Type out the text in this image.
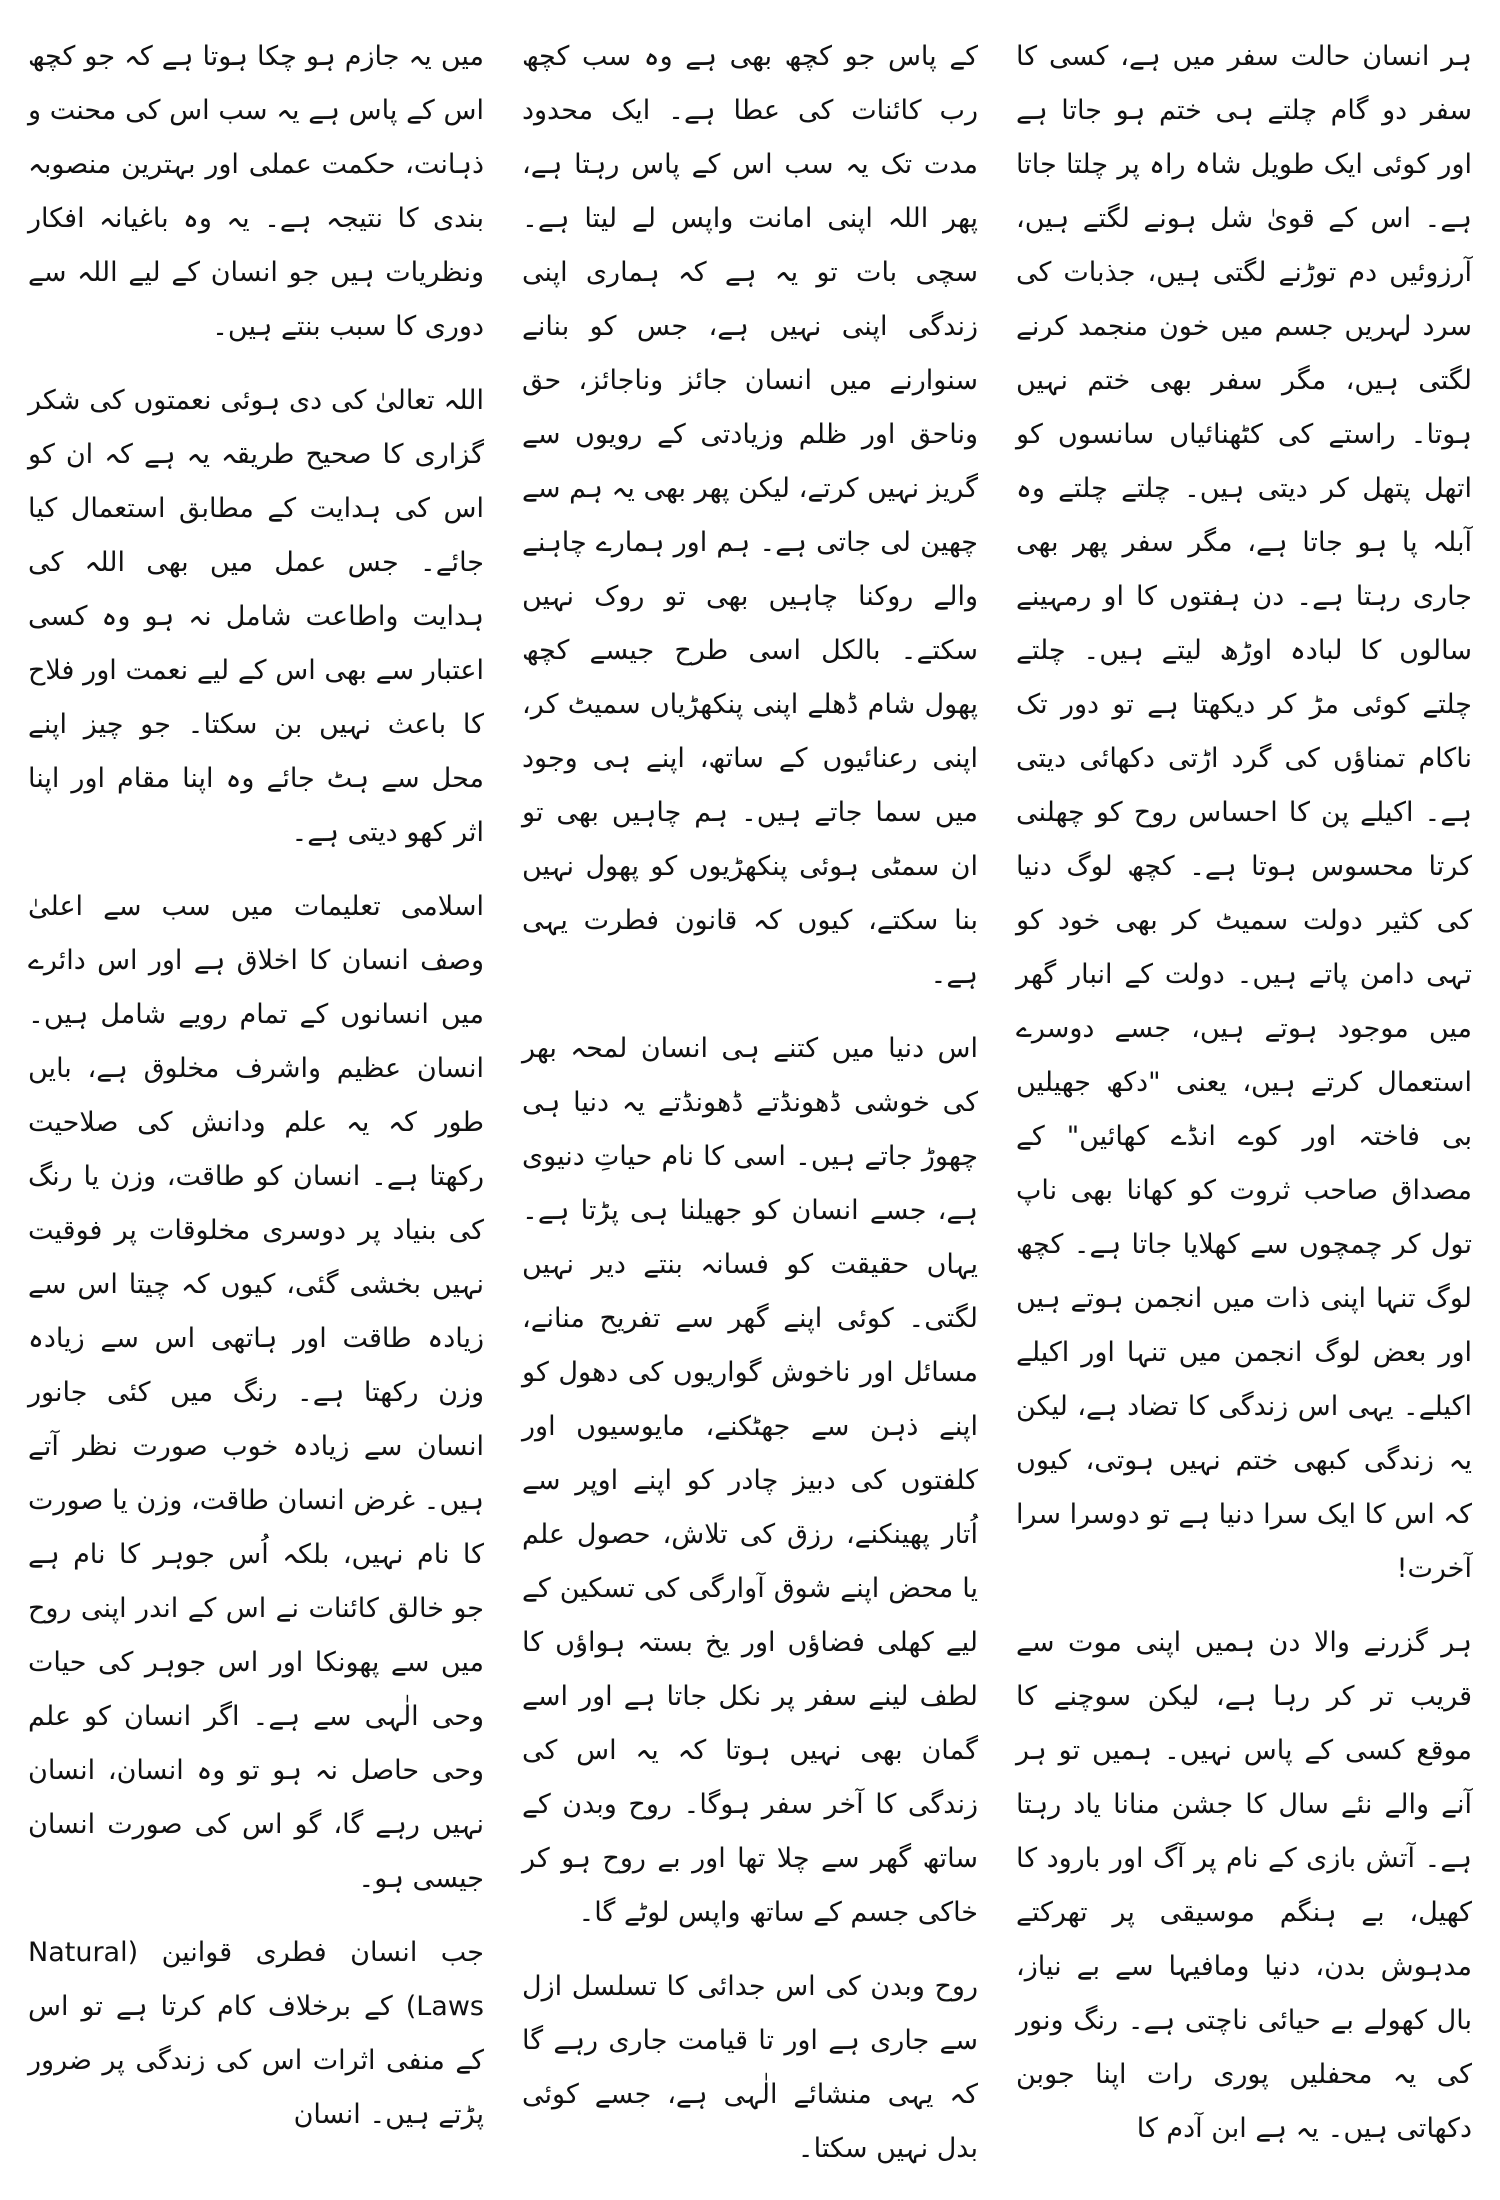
میں یہ جازم ہو چکا ہوتا ہے کہ جو کچھ اس کے پاس ہے یہ سب اس کی محنت و ذہانت، حکمت عملی اور بہترین منصوبہ بندی کا نتیجہ ہے۔ یہ وہ باغیانہ افکار ونظریات ہیں جو انسان کے لیے اللہ سے دوری کا سبب بنتے ہیں۔

اللہ تعالیٰ کی دی ہوئی نعمتوں کی شکر گزاری کا صحیح طریقہ یہ ہے کہ ان کو اس کی ہدایت کے مطابق استعمال کیا جائے۔ جس عمل میں بھی اللہ کی ہدایت واطاعت شامل نہ ہو وہ کسی اعتبار سے بھی اس کے لیے نعمت اور فلاح کا باعث نہیں بن سکتا۔ جو چیز اپنے محل سے ہٹ جائے وہ اپنا مقام اور اپنا اثر کھو دیتی ہے۔

اسلامی تعلیمات میں سب سے اعلیٰ وصف انسان کا اخلاق ہے اور اس دائرے میں انسانوں کے تمام رویے شامل ہیں۔ انسان عظیم واشرف مخلوق ہے، بایں طور کہ یہ علم ودانش کی صلاحیت رکھتا ہے۔ انسان کو طاقت، وزن یا رنگ کی بنیاد پر دوسری مخلوقات پر فوقیت نہیں بخشی گئی، کیوں کہ چیتا اس سے زیادہ طاقت اور ہاتھی اس سے زیادہ وزن رکھتا ہے۔ رنگ میں کئی جانور انسان سے زیادہ خوب صورت نظر آتے ہیں۔ غرض انسان طاقت، وزن یا صورت کا نام نہیں، بلکہ اُس جوہر کا نام ہے جو خالق کائنات نے اس کے اندر اپنی روح میں سے پھونکا اور اس جوہر کی حیات وحی الٰہی سے ہے۔ اگر انسان کو علم وحی حاصل نہ ہو تو وہ انسان، انسان نہیں رہے گا، گو اس کی صورت انسان جیسی ہو۔

جب انسان فطری قوانین (Natural Laws) کے برخلاف کام کرتا ہے تو اس کے منفی اثرات اس کی زندگی پر ضرور پڑتے ہیں۔ انسان

کے پاس جو کچھ بھی ہے وہ سب کچھ رب کائنات کی عطا ہے۔ ایک محدود مدت تک یہ سب اس کے پاس رہتا ہے، پھر اللہ اپنی امانت واپس لے لیتا ہے۔ سچی بات تو یہ ہے کہ ہماری اپنی زندگی اپنی نہیں ہے، جس کو بنانے سنوارنے میں انسان جائز وناجائز، حق وناحق اور ظلم وزیادتی کے رویوں سے گریز نہیں کرتے، لیکن پھر بھی یہ ہم سے چھین لی جاتی ہے۔ ہم اور ہمارے چاہنے والے روکنا چاہیں بھی تو روک نہیں سکتے۔ بالکل اسی طرح جیسے کچھ پھول شام ڈھلے اپنی پنکھڑیاں سمیٹ کر، اپنی رعنائیوں کے ساتھ، اپنے ہی وجود میں سما جاتے ہیں۔ ہم چاہیں بھی تو ان سمٹی ہوئی پنکھڑیوں کو پھول نہیں بنا سکتے، کیوں کہ قانون فطرت یہی ہے۔

اس دنیا میں کتنے ہی انسان لمحہ بھر کی خوشی ڈھونڈتے ڈھونڈتے یہ دنیا ہی چھوڑ جاتے ہیں۔ اسی کا نام حیاتِ دنیوی ہے، جسے انسان کو جھیلنا ہی پڑتا ہے۔ یہاں حقیقت کو فسانہ بنتے دیر نہیں لگتی۔ کوئی اپنے گھر سے تفریح منانے، مسائل اور ناخوش گواریوں کی دھول کو اپنے ذہن سے جھٹکنے، مایوسیوں اور کلفتوں کی دبیز چادر کو اپنے اوپر سے اُتار پھینکنے، رزق کی تلاش، حصول علم یا محض اپنے شوق آوارگی کی تسکین کے لیے کھلی فضاؤں اور یخ بستہ ہواؤں کا لطف لینے سفر پر نکل جاتا ہے اور اسے گمان بھی نہیں ہوتا کہ یہ اس کی زندگی کا آخر سفر ہوگا۔ روح وبدن کے ساتھ گھر سے چلا تھا اور بے روح ہو کر خاکی جسم کے ساتھ واپس لوٹے گا۔

روح وبدن کی اس جدائی کا تسلسل ازل سے جاری ہے اور تا قیامت جاری رہے گا کہ یہی منشائے الٰہی ہے، جسے کوئی بدل نہیں سکتا۔

ہر انسان حالت سفر میں ہے، کسی کا سفر دو گام چلتے ہی ختم ہو جاتا ہے اور کوئی ایک طویل شاہ راہ پر چلتا جاتا ہے۔ اس کے قویٰ شل ہونے لگتے ہیں، آرزوئیں دم توڑنے لگتی ہیں، جذبات کی سرد لہریں جسم میں خون منجمد کرنے لگتی ہیں، مگر سفر بھی ختم نہیں ہوتا۔ راستے کی کٹھنائیاں سانسوں کو اتھل پتھل کر دیتی ہیں۔ چلتے چلتے وہ آبلہ پا ہو جاتا ہے، مگر سفر پھر بھی جاری رہتا ہے۔ دن ہفتوں کا او رمہینے سالوں کا لبادہ اوڑھ لیتے ہیں۔ چلتے چلتے کوئی مڑ کر دیکھتا ہے تو دور تک ناکام تمناؤں کی گرد اڑتی دکھائی دیتی ہے۔ اکیلے پن کا احساس روح کو چھلنی کرتا محسوس ہوتا ہے۔ کچھ لوگ دنیا کی کثیر دولت سمیٹ کر بھی خود کو تہی دامن پاتے ہیں۔ دولت کے انبار گھر میں موجود ہوتے ہیں، جسے دوسرے استعمال کرتے ہیں، یعنی "دکھ جھیلیں بی فاختہ اور کوے انڈے کھائیں" کے مصداق صاحب ثروت کو کھانا بھی ناپ تول کر چمچوں سے کھلایا جاتا ہے۔ کچھ لوگ تنہا اپنی ذات میں انجمن ہوتے ہیں اور بعض لوگ انجمن میں تنہا اور اکیلے اکیلے۔ یہی اس زندگی کا تضاد ہے، لیکن یہ زندگی کبھی ختم نہیں ہوتی، کیوں کہ اس کا ایک سرا دنیا ہے تو دوسرا سرا آخرت!

ہر گزرنے والا دن ہمیں اپنی موت سے قریب تر کر رہا ہے، لیکن سوچنے کا موقع کسی کے پاس نہیں۔ ہمیں تو ہر آنے والے نئے سال کا جشن منانا یاد رہتا ہے۔ آتش بازی کے نام پر آگ اور بارود کا کھیل، بے ہنگم موسیقی پر تھرکتے مدہوش بدن، دنیا ومافیہا سے بے نیاز، بال کھولے بے حیائی ناچتی ہے۔ رنگ ونور کی یہ محفلیں پوری رات اپنا جوبن دکھاتی ہیں۔ یہ ہے ابن آدم کا
